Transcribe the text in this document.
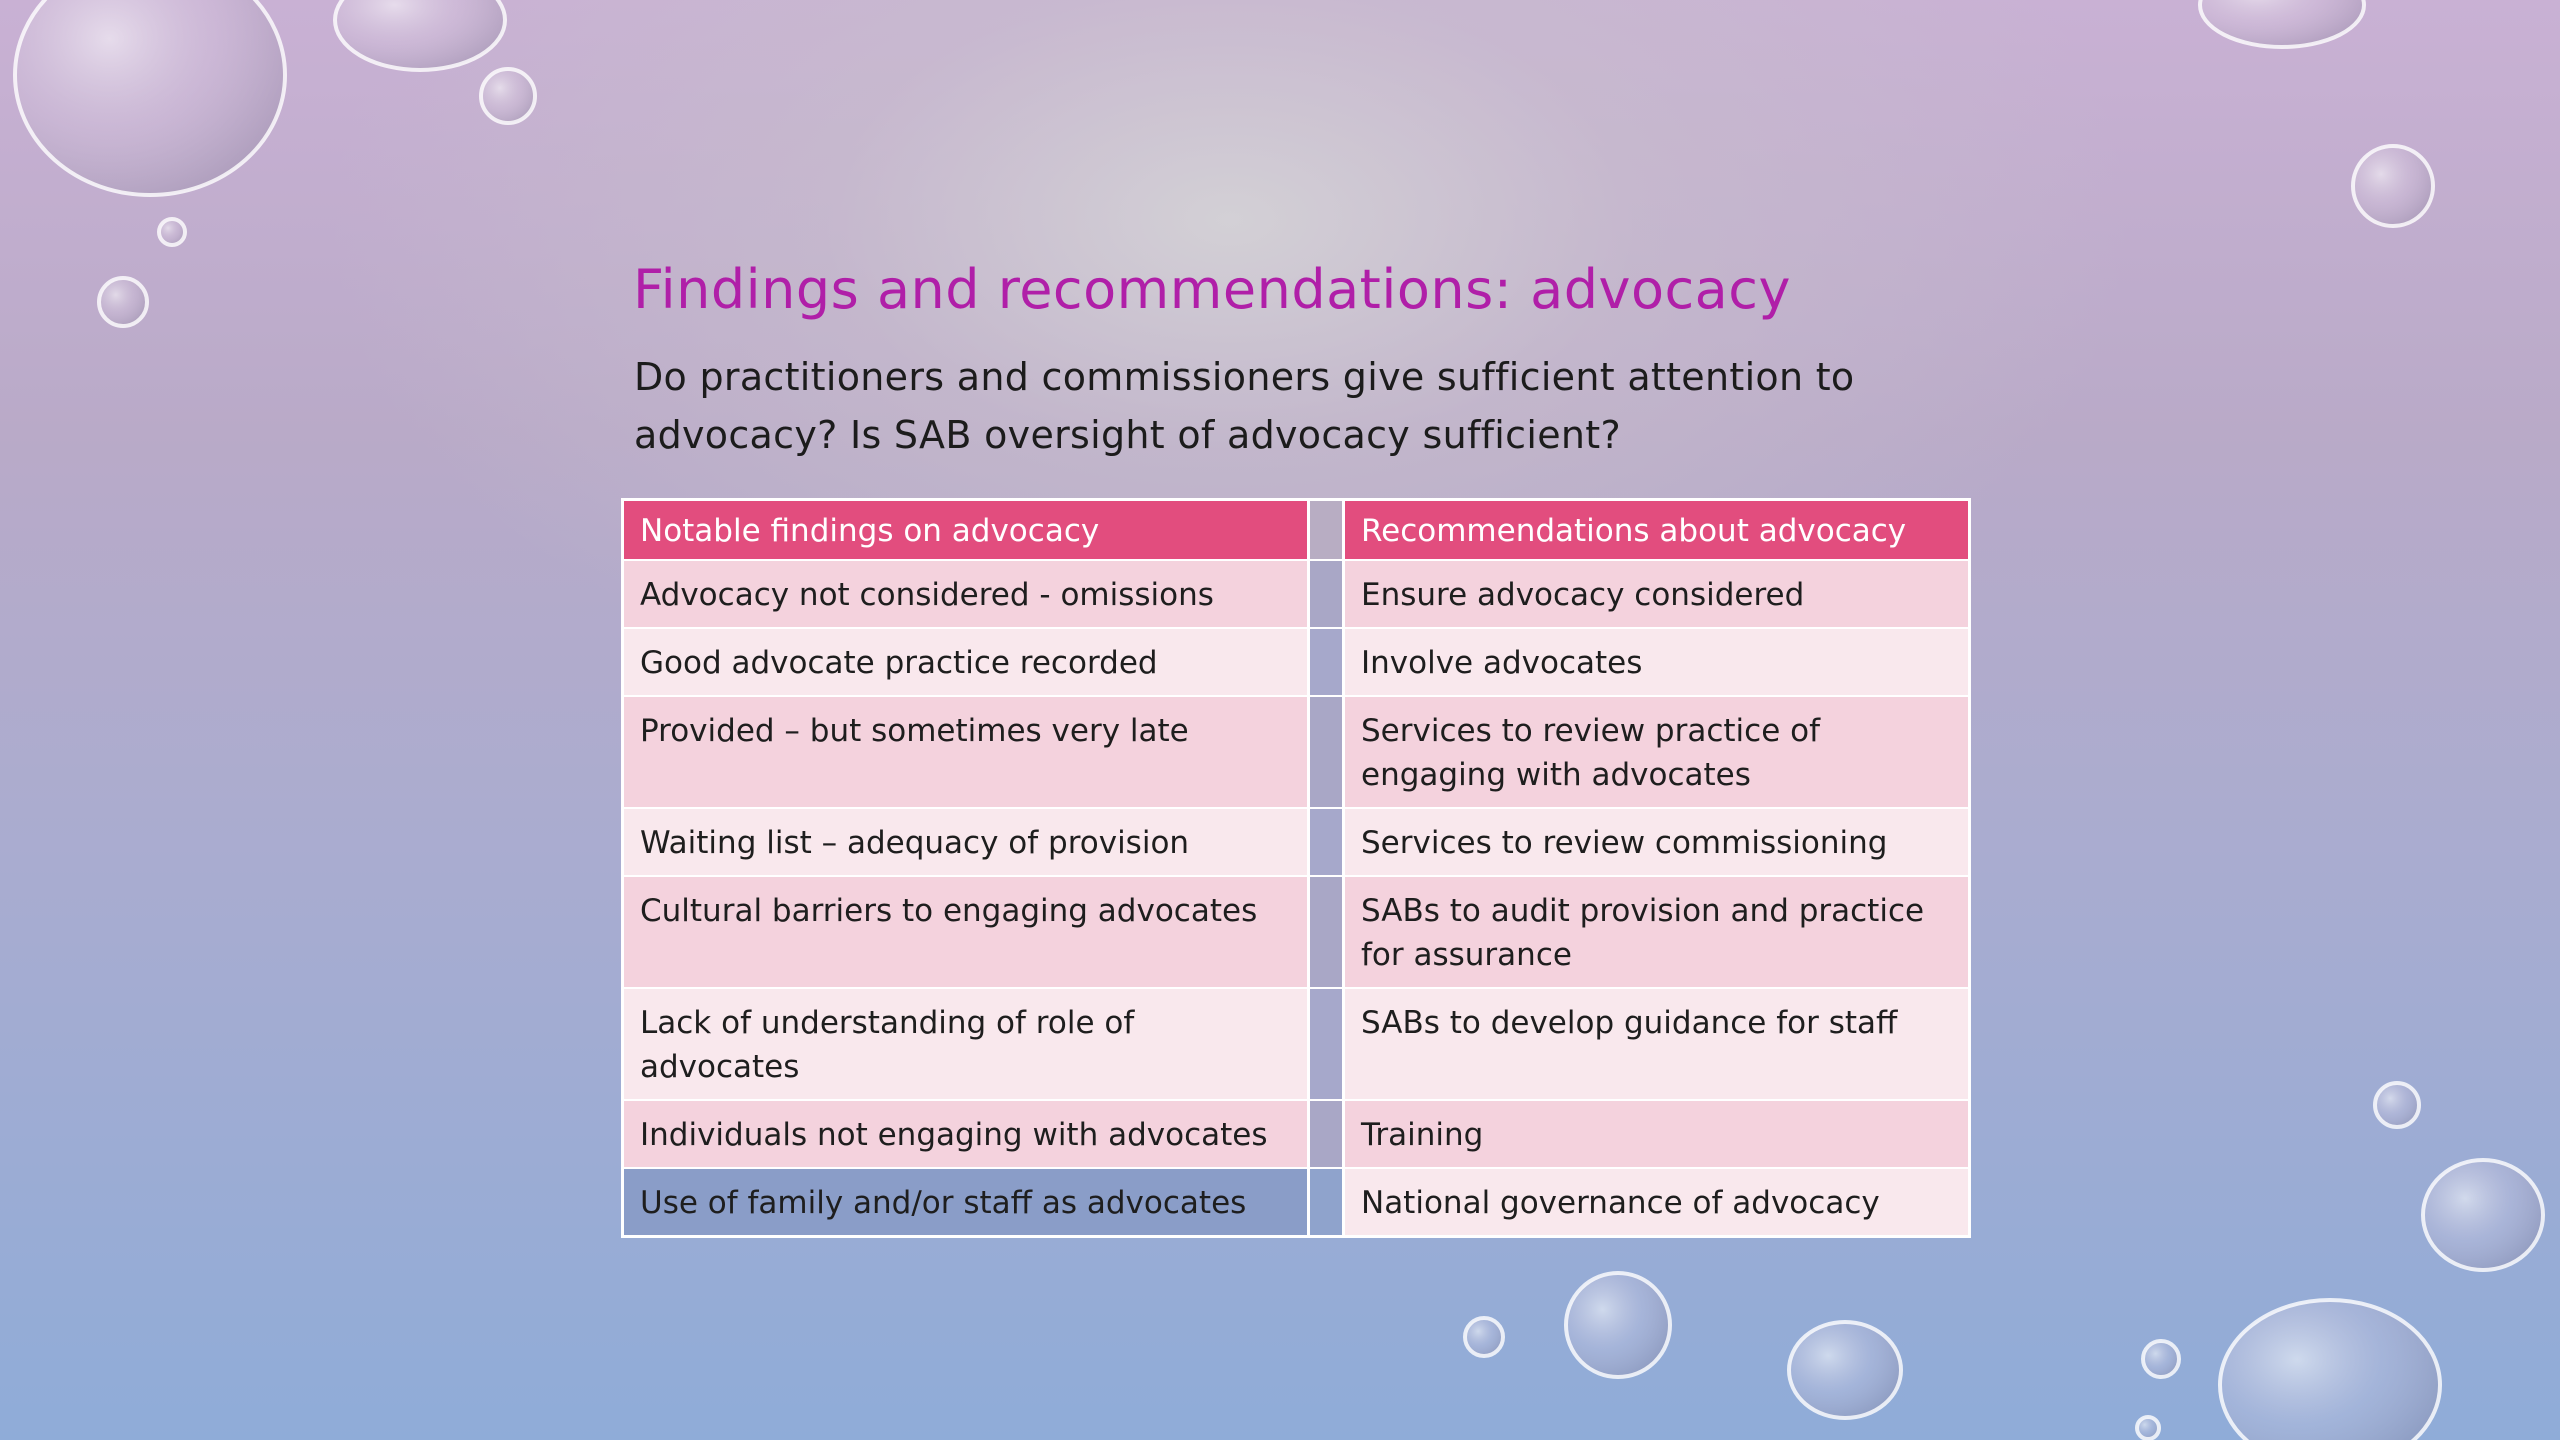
Findings and recommendations: advocacy
Do practitioners and commissioners give sufficient attention to advocacy? Is SAB oversight of advocacy sufficient?
Notable findings on advocacy		Recommendations about advocacy
Advocacy not considered - omissions		Ensure advocacy considered
Good advocate practice recorded		Involve advocates
Provided – but sometimes very late		Services to review practice of engaging with advocates
Waiting list – adequacy of provision		Services to review commissioning
Cultural barriers to engaging advocates		SABs to audit provision and practice for assurance
Lack of understanding of role of advocates		SABs to develop guidance for staff
Individuals not engaging with advocates		Training
Use of family and/or staff as advocates		National governance of advocacy
